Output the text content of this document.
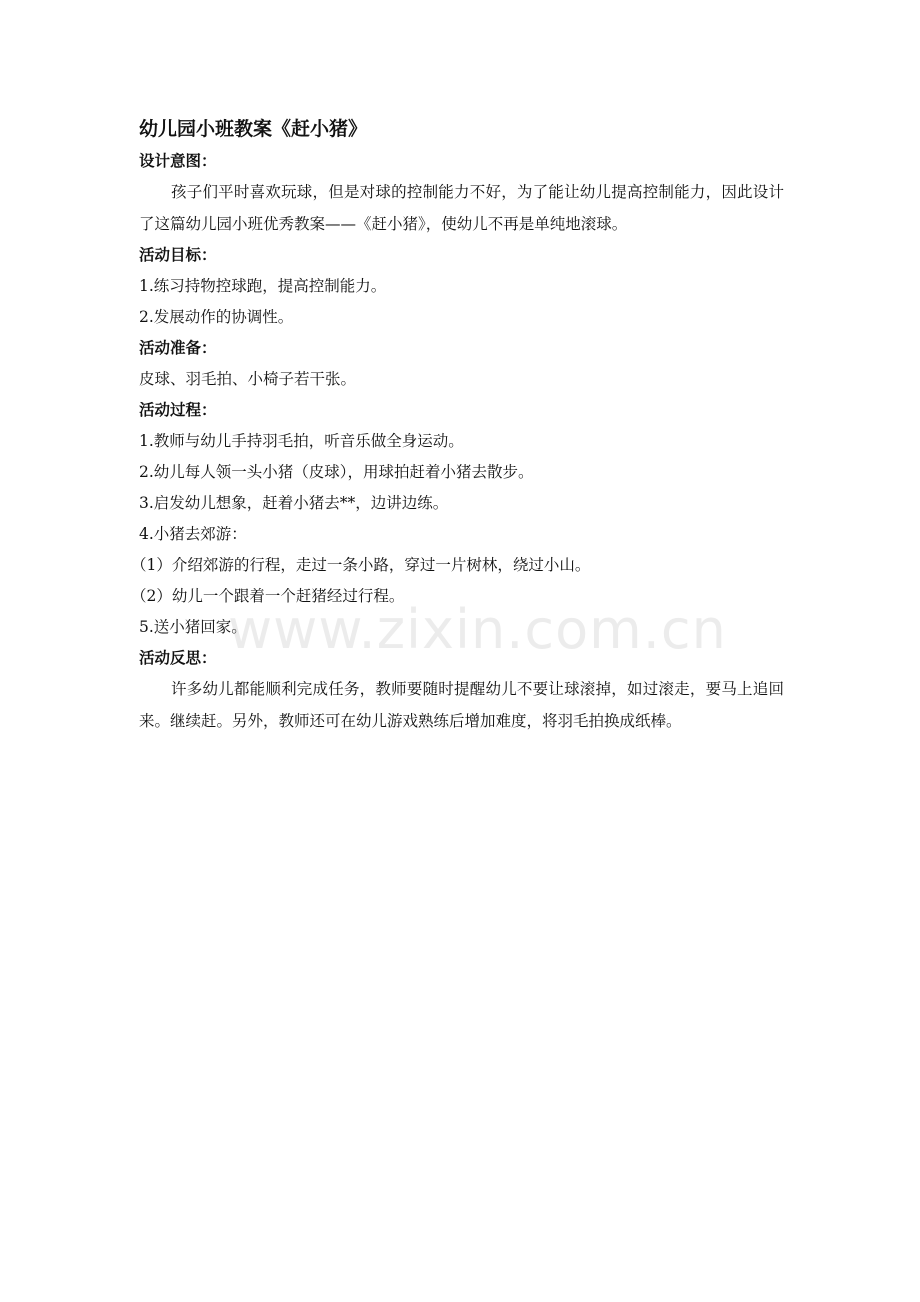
幼儿园小班教案《赶小猪》
设计意图：

孩子们平时喜欢玩球，但是对球的控制能力不好，为了能让幼儿提高控制能力，因此设计了这篇幼儿园小班优秀教案——《赶小猪》，使幼儿不再是单纯地滚球。

活动目标：
1.练习持物控球跑，提高控制能力。
2.发展动作的协调性。
活动准备：
皮球、羽毛拍、小椅子若干张。
活动过程：
1.教师与幼儿手持羽毛拍，听音乐做全身运动。
2.幼儿每人领一头小猪（皮球），用球拍赶着小猪去散步。
3.启发幼儿想象，赶着小猪去**，边讲边练。
4.小猪去郊游：
（1）介绍郊游的行程，走过一条小路，穿过一片树林，绕过小山。
（2）幼儿一个跟着一个赶猪经过行程。
5.送小猪回家。
活动反思：

许多幼儿都能顺利完成任务，教师要随时提醒幼儿不要让球滚掉，如过滚走，要马上追回来。继续赶。另外，教师还可在幼儿游戏熟练后增加难度，将羽毛拍换成纸棒。

www.zixin.com.cn
